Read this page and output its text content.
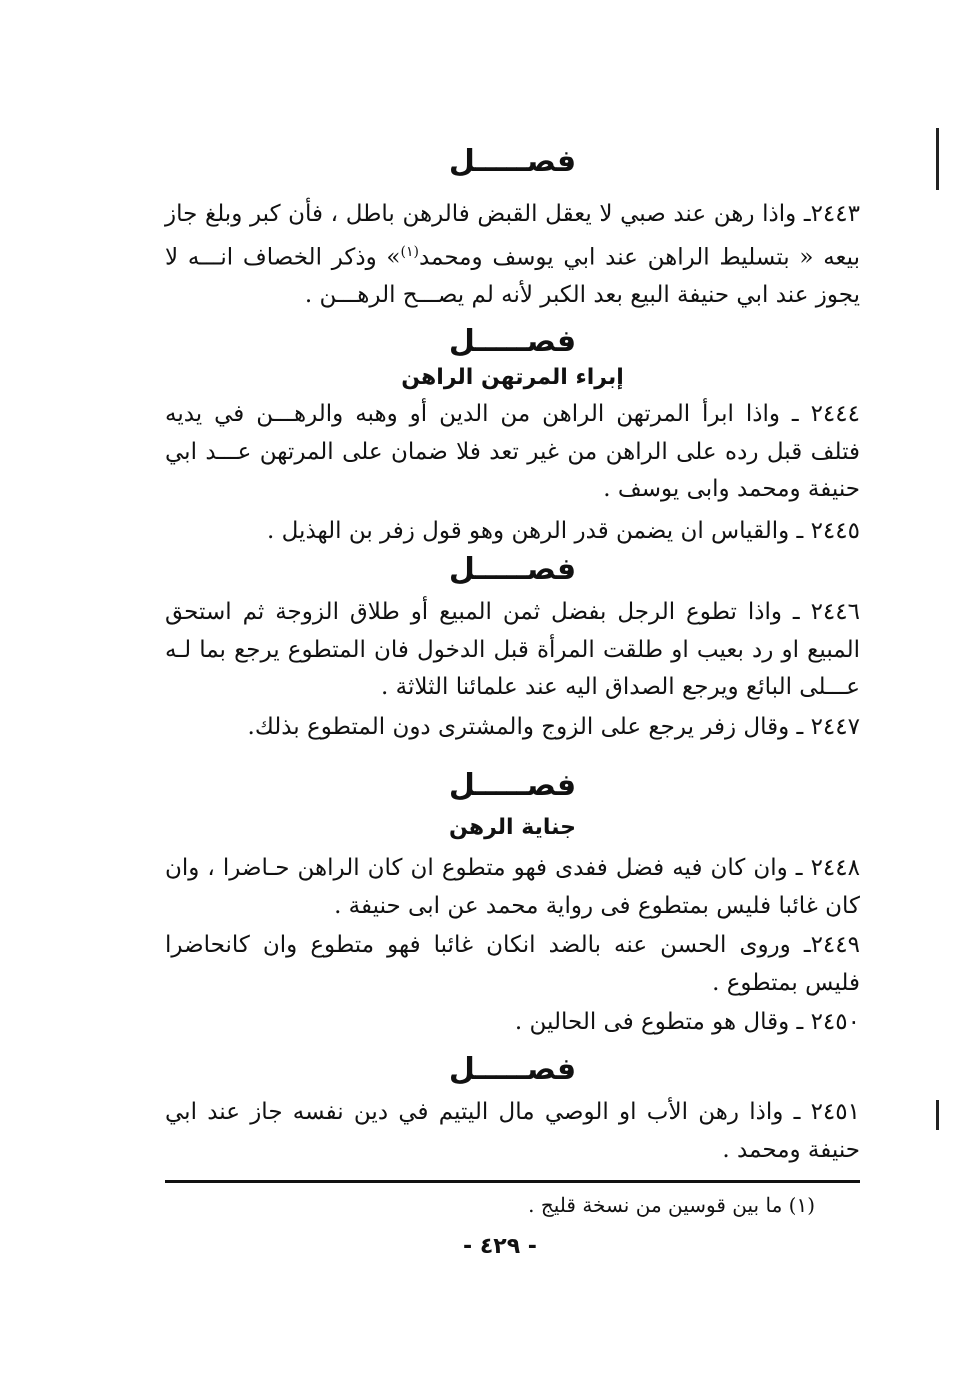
فصـــــل

٢٤٤٣ـ واذا رهن عند صبي لا يعقل القبض فالرهن باطل ، فأن كبر وبلغ جاز بيعه « بتسليط الراهن عند ابي يوسف ومحمد$^{(١)}$» وذكر الخصاف انـــه لا يجوز عند ابي حنيفة البيع بعد الكبر لأنه لم يصـــح الرهـــن .

فصـــــل
إبراء المرتهن الراهن

٢٤٤٤ ـ واذا ابرأ المرتهن الراهن من الدين أو وهبه والرهـــن في يديه فتلف قبل رده على الراهن من غير تعد فلا ضمان على المرتهن عـــد ابي حنيفة ومحمد وابى يوسف .

٢٤٤٥ ـ والقياس ان يضمن قدر الرهن وهو قول زفر بن الهذيل .

فصـــــل

٢٤٤٦ ـ واذا تطوع الرجل بفضل ثمن المبيع أو طلاق الزوجة ثم استحق المبيع او رد بعيب او طلقت المرأة قبل الدخول فان المتطوع يرجع بما لـه عـــلى البائع ويرجع الصداق اليه عند علمائنا الثلاثة .

٢٤٤٧ ـ وقال زفر يرجع على الزوج والمشترى دون المتطوع بذلك.

فصـــــل
جناية الرهن

٢٤٤٨ ـ وان كان فيه فضل ففدى فهو متطوع ان كان الراهن حـاضرا ، وان كان غائبا فليس بمتطوع فى رواية محمد عن ابى حنيفة .

٢٤٤٩ـ وروى الحسن عنه بالضد انكان غائبا فهو متطوع وان كانحاضرا فليس بمتطوع .

٢٤٥٠ ـ وقال هو متطوع فى الحالين .

فصـــــل

٢٤٥١ ـ واذا رهن الأب او الوصي مال اليتيم في دين نفسه جاز عند ابي حنيفة ومحمد .

(١) ما بين قوسين من نسخة قليج .
- ٤٢٩ -
